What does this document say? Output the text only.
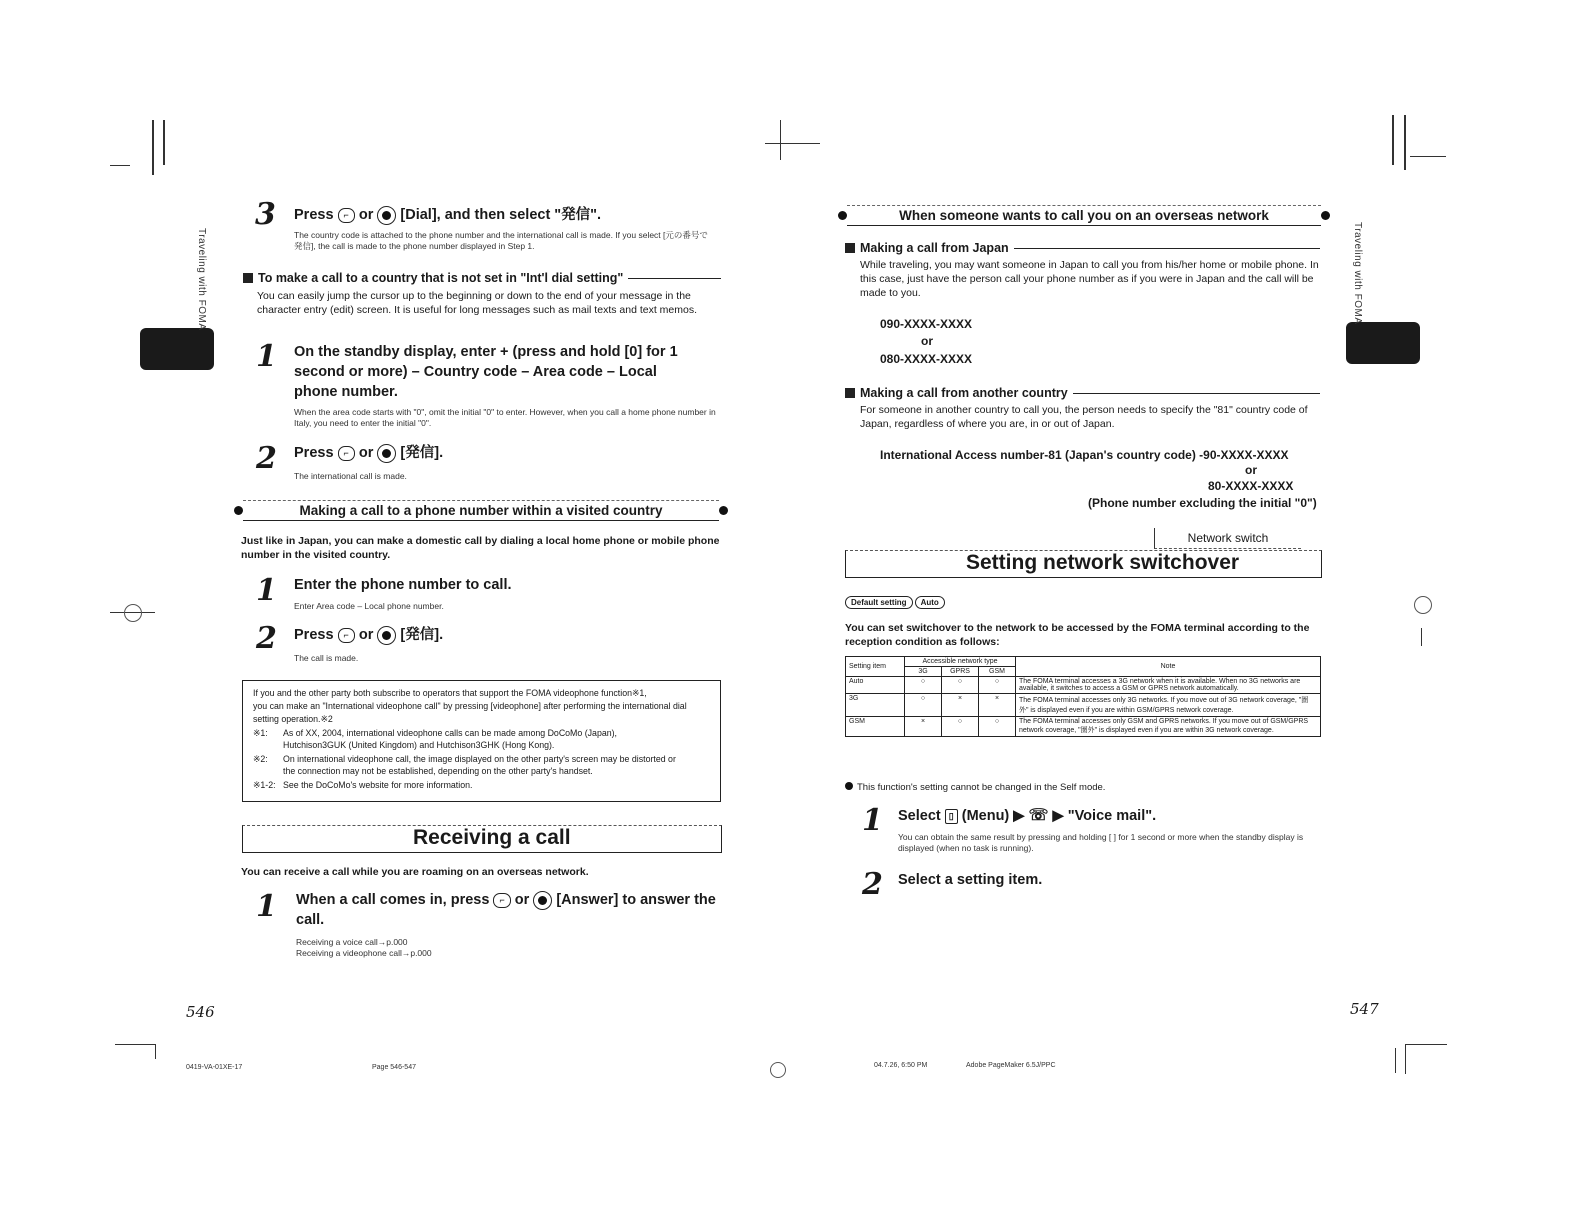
Traveling with FOMA	Traveling with FOMA
3 Press ⌐ or [Dial], and then select "発信".
The country code is attached to the phone number and the international call is made. If you select [元の番号で発信], the call is made to the phone number displayed in Step 1.
To make a call to a country that is not set in "Int'l dial setting"
You can easily jump the cursor up to the beginning or down to the end of your message in the character entry (edit) screen. It is useful for long messages such as mail texts and text memos.
1 On the standby display, enter + (press and hold [0] for 1 second or more) – Country code – Area code – Local phone number.
When the area code starts with "0", omit the initial "0" to enter. However, when you call a home phone number in Italy, you need to enter the initial "0".
2 Press ⌐ or [発信].
The international call is made.
Making a call to a phone number within a visited country
Just like in Japan, you can make a domestic call by dialing a local home phone or mobile phone number in the visited country.
1 Enter the phone number to call.
Enter Area code – Local phone number.
2 Press ⌐ or [発信].
The call is made.
If you and the other party both subscribe to operators that support the FOMA videophone function※1,
you can make an "International videophone call" by pressing [videophone] after performing the international dial
setting operation.※2
※1: As of XX, 2004, international videophone calls can be made among DoCoMo (Japan),
Hutchison3GUK (United Kingdom) and Hutchison3GHK (Hong Kong).
※2: On international videophone call, the image displayed on the other party's screen may be distorted or
the connection may not be established, depending on the other party's handset.
※1-2: See the DoCoMo's website for more information.
Receiving a call
You can receive a call while you are roaming on an overseas network.
1 When a call comes in, press ⌐ or [Answer] to answer the call.
Receiving a voice call→p.000
Receiving a videophone call→p.000
546
0419-VA-01XE-17	Page 546-547
When someone wants to call you on an overseas network
Making a call from Japan
While traveling, you may want someone in Japan to call you from his/her home or mobile phone. In this case, just have the person call your phone number as if you were in Japan and the call will be made to you.
090-XXXX-XXXX
or
080-XXXX-XXXX
Making a call from another country
For someone in another country to call you, the person needs to specify the "81" country code of Japan, regardless of where you are, in or out of Japan.
International Access number-81 (Japan's country code) -90-XXXX-XXXX
or
80-XXXX-XXXX
(Phone number excluding the initial "0")
Network switch
Setting network switchover
Default setting Auto
You can set switchover to the network to be accessed by the FOMA terminal according to the reception condition as follows:
Setting item	Accessible network type			Note
	3G	GPRS	GSM	
Auto	○	○	○	The FOMA terminal accesses a 3G network when it is available. When no 3G networks are available, it switches to access a GSM or GPRS network automatically.
3G	○	×	×	The FOMA terminal accesses only 3G networks. If you move out of 3G network coverage, "圏外" is displayed even if you are within GSM/GPRS network coverage.
GSM	×	○	○	The FOMA terminal accesses only GSM and GPRS networks. If you move out of GSM/GPRS network coverage, "圏外" is displayed even if you are within 3G network coverage.
This function's setting cannot be changed in the Self mode.
1 Select ▯ (Menu) ▶ ☏ ▶ "Voice mail".
You can obtain the same result by pressing and holding [ ] for 1 second or more when the standby display is displayed (when no task is running).
2 Select a setting item.
547
04.7.26, 6:50 PM	Adobe PageMaker 6.5J/PPC
